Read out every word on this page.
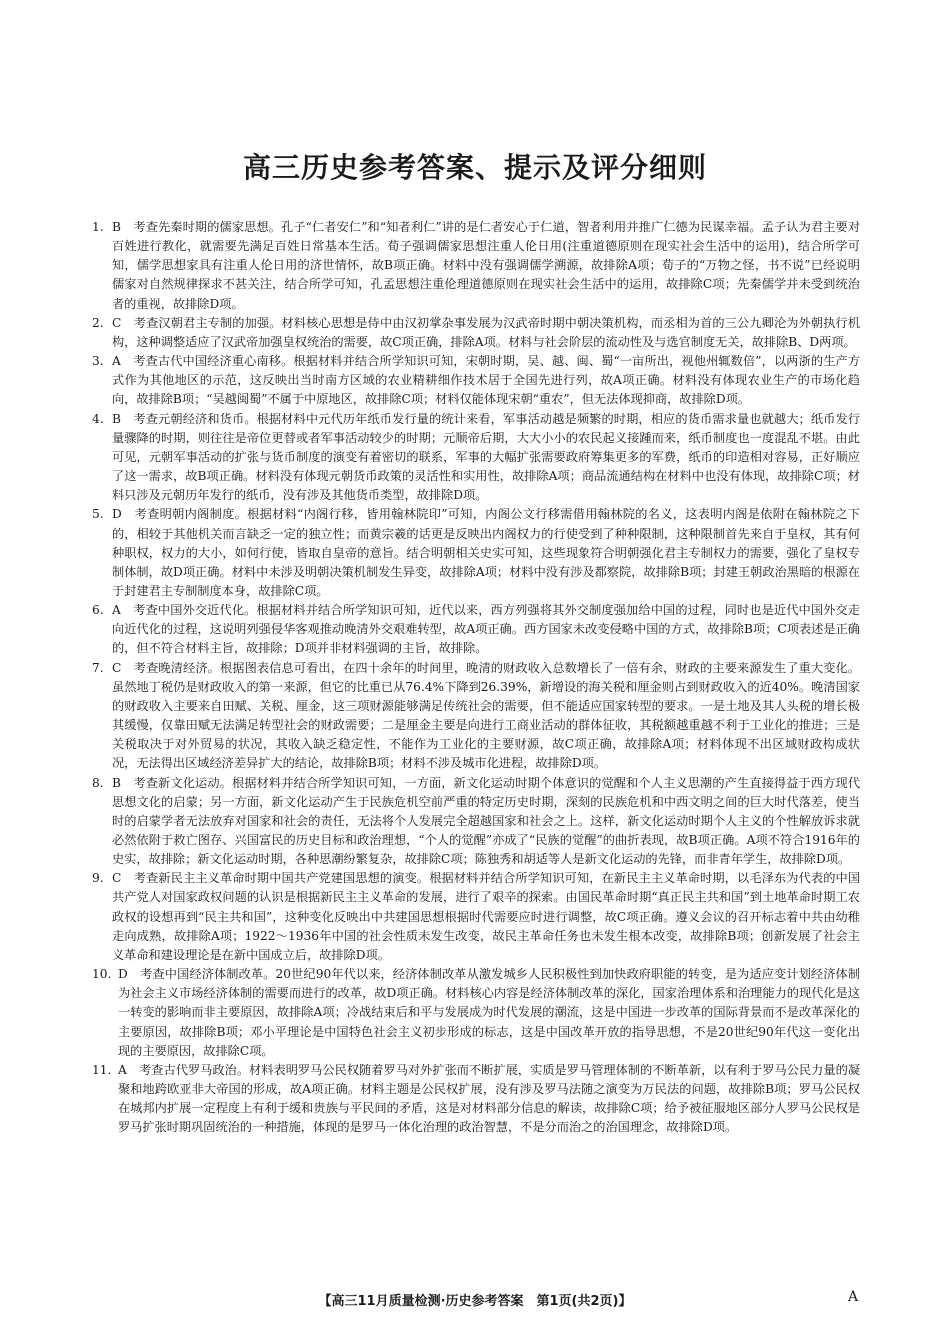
高三历史参考答案、提示及评分细则
1. B　 考查先秦时期的儒家思想。孔子“仁者安仁”和“知者利仁”讲的是仁者安心于仁道，智者利用并推广仁德为民谋幸福。孟子认为君主要对百姓进行教化，就需要先满足百姓日常基本生活。荀子强调儒家思想注重人伦日用(注重道德原则在现实社会生活中的运用)，结合所学可知，儒学思想家具有注重人伦日用的济世情怀，故B项正确。材料中没有强调儒学溯源，故排除A项；荀子的“万物之怪，书不说”已经说明儒家对自然规律探求不甚关注，结合所学可知，孔孟思想注重伦理道德原则在现实社会生活中的运用，故排除C项；先秦儒学并未受到统治者的重视，故排除D项。
2. C　 考查汉朝君主专制的加强。材料核心思想是侍中由汉初掌杂事发展为汉武帝时期中朝决策机构，而丞相为首的三公九卿沦为外朝执行机构，这种调整适应了汉武帝加强皇权统治的需要，故C项正确，排除A项。材料与社会阶层的流动性及与选官制度无关，故排除B、D两项。
3. A　 考查古代中国经济重心南移。根据材料并结合所学知识可知，宋朝时期，吴、越、闽、蜀“一亩所出，视他州辄数倍”，以两浙的生产方式作为其他地区的示范，这反映出当时南方区域的农业精耕细作技术居于全国先进行列，故A项正确。材料没有体现农业生产的市场化趋向，故排除B项；“吴越闽蜀”不属于中原地区，故排除C项；材料仅能体现宋朝“重农”，但无法体现抑商，故排除D项。
4. B　 考查元朝经济和货币。根据材料中元代历年纸币发行量的统计来看，军事活动越是频繁的时期，相应的货币需求量也就越大；纸币发行量骤降的时期，则往往是帝位更替或者军事活动较少的时期；元顺帝后期，大大小小的农民起义接踵而来，纸币制度也一度混乱不堪。由此可见，元朝军事活动的扩张与货币制度的演变有着密切的联系，军事的大幅扩张需要政府筹集更多的军费，纸币的印造相对容易，正好顺应了这一需求，故B项正确。材料没有体现元朝货币政策的灵活性和实用性，故排除A项；商品流通结构在材料中也没有体现，故排除C项；材料只涉及元朝历年发行的纸币，没有涉及其他货币类型，故排除D项。
5. D　 考查明朝内阁制度。根据材料“内阁行移，皆用翰林院印”可知，内阁公文行移需借用翰林院的名义，这表明内阁是依附在翰林院之下的，相较于其他机关而言缺乏一定的独立性；而黄宗羲的话更是反映出内阁权力的行使受到了种种限制，这种限制首先来自于皇权，其有何种职权，权力的大小，如何行使，皆取自皇帝的意旨。结合明朝相关史实可知，这些现象符合明朝强化君主专制权力的需要，强化了皇权专制体制，故D项正确。材料中未涉及明朝决策机制发生异变，故排除A项；材料中没有涉及都察院，故排除B项；封建王朝政治黑暗的根源在于封建君主专制制度本身，故排除C项。
6. A　 考查中国外交近代化。根据材料并结合所学知识可知，近代以来，西方列强将其外交制度强加给中国的过程，同时也是近代中国外交走向近代化的过程，这说明列强侵华客观推动晚清外交艰难转型，故A项正确。西方国家未改变侵略中国的方式，故排除B项；C项表述是正确的，但不符合材料主旨，故排除；D项并非材料强调的主旨，故排除。
7. C　 考查晚清经济。根据图表信息可看出，在四十余年的时间里，晚清的财政收入总数增长了一倍有余，财政的主要来源发生了重大变化。虽然地丁税仍是财政收入的第一来源，但它的比重已从76.4%下降到26.39%，新增设的海关税和厘金则占到财政收入的近40%。晚清国家的财政收入主要来自田赋、关税、厘金，这三项财源能够满足传统社会的需要，但不能适应国家转型的要求。一是土地及其人头税的增长极其缓慢，仅靠田赋无法满足转型社会的财政需要；二是厘金主要是向进行工商业活动的群体征收，其税额越重越不利于工业化的推进；三是关税取决于对外贸易的状况，其收入缺乏稳定性，不能作为工业化的主要财源，故C项正确，故排除A项；材料体现不出区域财政构成状况，无法得出区域经济差异扩大的结论，故排除B项；材料不涉及城市化进程，故排除D项。
8. B　 考查新文化运动。根据材料并结合所学知识可知，一方面，新文化运动时期个体意识的觉醒和个人主义思潮的产生直接得益于西方现代思想文化的启蒙；另一方面，新文化运动产生于民族危机空前严重的特定历史时期，深刻的民族危机和中西文明之间的巨大时代落差，使当时的启蒙学者无法放弃对国家和社会的责任，无法将个人发展完全超越国家和社会之上。这样，新文化运动时期个人主义的个性解放诉求就必然依附于救亡图存、兴国富民的历史目标和政治理想，“个人的觉醒”亦成了“民族的觉醒”的曲折表现，故B项正确。A项不符合1916年的史实，故排除；新文化运动时期，各种思潮纷繁复杂，故排除C项；陈独秀和胡适等人是新文化运动的先锋，而非青年学生，故排除D项。
9. C　 考查新民主主义革命时期中国共产党建国思想的演变。根据材料并结合所学知识可知，在新民主主义革命时期，以毛泽东为代表的中国共产党人对国家政权问题的认识是根据新民主主义革命的发展，进行了艰辛的探索。由国民革命时期“真正民主共和国”到土地革命时期工农政权的设想再到“民主共和国”，这种变化反映出中共建国思想根据时代需要应时进行调整，故C项正确。遵义会议的召开标志着中共由幼稚走向成熟，故排除A项；1922～1936年中国的社会性质未发生改变，故民主革命任务也未发生根本改变，故排除B项；创新发展了社会主义革命和建设理论是在新中国成立后，故排除D项。
10. D　 考查中国经济体制改革。20世纪90年代以来，经济体制改革从激发城乡人民积极性到加快政府职能的转变，是为适应变计划经济体制为社会主义市场经济体制的需要而进行的改革，故D项正确。材料核心内容是经济体制改革的深化，国家治理体系和治理能力的现代化是这一转变的影响而非主要原因，故排除A项；冷战结束后和平与发展成为时代发展的潮流，这是中国进一步改革的国际背景而不是改革深化的主要原因，故排除B项；邓小平理论是中国特色社会主义初步形成的标志，这是中国改革开放的指导思想，不是20世纪90年代这一变化出现的主要原因，故排除C项。
11. A　 考查古代罗马政治。材料表明罗马公民权随着罗马对外扩张而不断扩展，实质是罗马管理体制的不断革新，以有利于罗马公民力量的凝聚和地跨欧亚非大帝国的形成，故A项正确。材料主题是公民权扩展，没有涉及罗马法随之演变为万民法的问题，故排除B项；罗马公民权在城邦内扩展一定程度上有利于缓和贵族与平民间的矛盾，这是对材料部分信息的解读，故排除C项；给予被征服地区部分人罗马公民权是罗马扩张时期巩固统治的一种措施，体现的是罗马一体化治理的政治智慧，不是分而治之的治国理念，故排除D项。
【高三11月质量检测·历史参考答案　第1页(共2页)】	A
